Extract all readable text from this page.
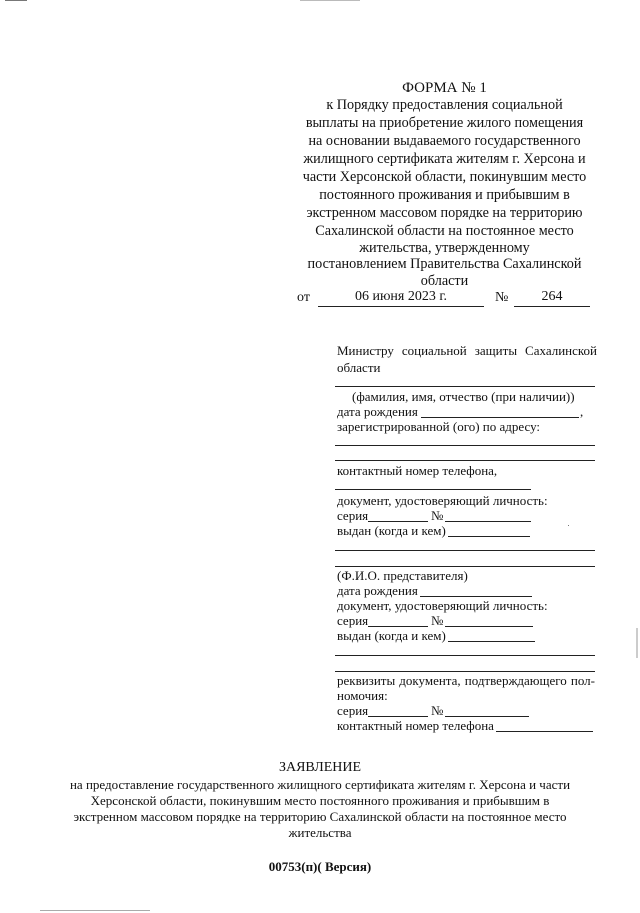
ФОРМА № 1
к Порядку предоставления социальной
выплаты на приобретение жилого помещения
на основании выдаваемого государственного
жилищного сертификата жителям г. Херсона и
части Херсонской области, покинувшим место
постоянного проживания и прибывшим в
экстренном массовом порядке на территорию
Сахалинской области на постоянное место
жительства, утвержденному
постановлением Правительства Сахалинской
области
от	06 июня 2023 г.	№	264
Министру социальной защиты Сахалинской
области
(фамилия, имя, отчество (при наличии))
дата рождения	,
зарегистрированной (ого) по адресу:
контактный номер телефона,
документ, удостоверяющий личность:
серия	№
выдан (когда и кем)
(Ф.И.О. представителя)
дата рождения
документ, удостоверяющий личность:
серия	№
выдан (когда и кем)
реквизиты документа, подтверждающего пол-
номочия:
серия	№
контактный номер телефона
ЗАЯВЛЕНИЕ
на предоставление государственного жилищного сертификата жителям г. Херсона и части
Херсонской области, покинувшим место постоянного проживания и прибывшим в
экстренном массовом порядке на территорию Сахалинской области на постоянное место
жительства
00753(п)( Версия)
